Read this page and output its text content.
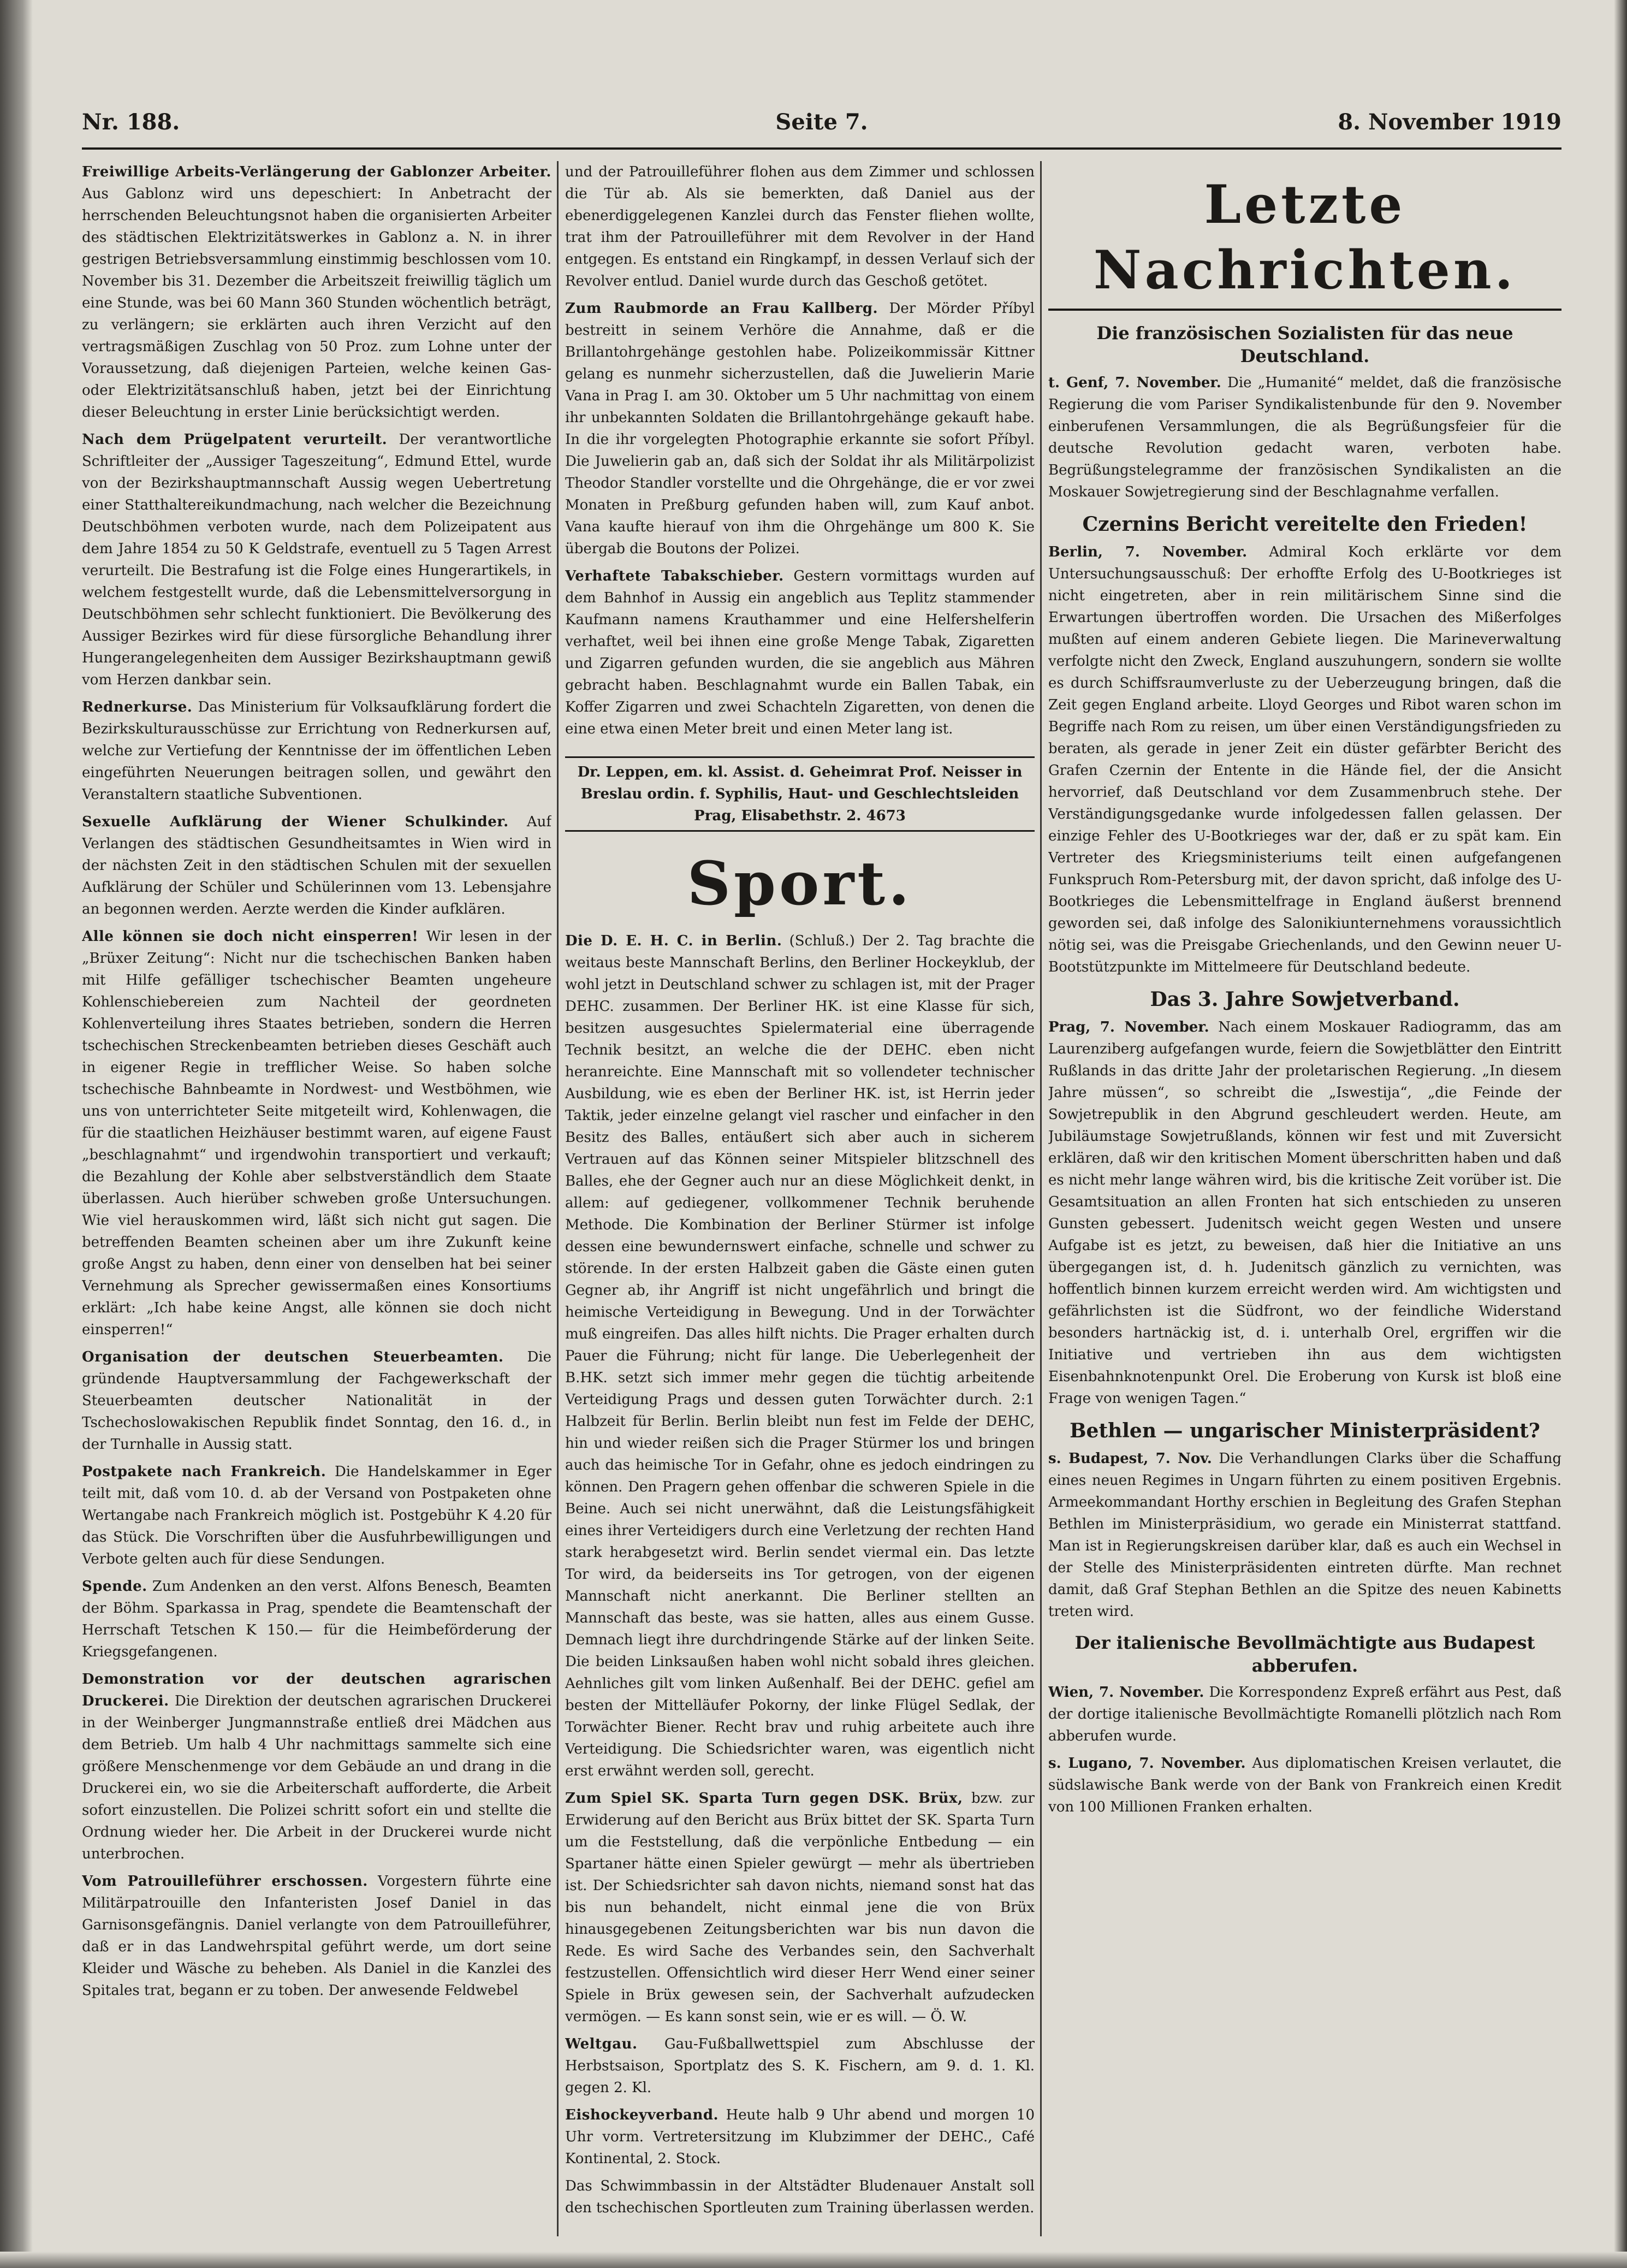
Nr. 188.	Seite 7.	8. November 1919
Freiwillige Arbeits-Verlängerung der Gablonzer Arbeiter. Aus Gablonz wird uns depeschiert: In Anbetracht der herrschenden Beleuchtungsnot haben die organisierten Arbeiter des städtischen Elektrizitätswerkes in Gablonz a. N. in ihrer gestrigen Betriebsversammlung einstimmig beschlossen vom 10. November bis 31. Dezember die Arbeitszeit freiwillig täglich um eine Stunde, was bei 60 Mann 360 Stunden wöchentlich beträgt, zu verlängern; sie erklärten auch ihren Verzicht auf den vertragsmäßigen Zuschlag von 50 Proz. zum Lohne unter der Voraussetzung, daß diejenigen Parteien, welche keinen Gas- oder Elektrizitätsanschluß haben, jetzt bei der Einrichtung dieser Beleuchtung in erster Linie berücksichtigt werden.
Nach dem Prügelpatent verurteilt. Der verantwortliche Schriftleiter der „Aussiger Tageszeitung“, Edmund Ettel, wurde von der Bezirkshauptmannschaft Aussig wegen Uebertretung einer Statthaltereikundmachung, nach welcher die Bezeichnung Deutschböhmen verboten wurde, nach dem Polizeipatent aus dem Jahre 1854 zu 50 K Geldstrafe, eventuell zu 5 Tagen Arrest verurteilt. Die Bestrafung ist die Folge eines Hungerartikels, in welchem festgestellt wurde, daß die Lebensmittelversorgung in Deutschböhmen sehr schlecht funktioniert. Die Bevölkerung des Aussiger Bezirkes wird für diese fürsorgliche Behandlung ihrer Hungerangelegenheiten dem Aussiger Bezirkshauptmann gewiß vom Herzen dankbar sein.
Rednerkurse. Das Ministerium für Volksaufklärung fordert die Bezirkskulturausschüsse zur Errichtung von Rednerkursen auf, welche zur Vertiefung der Kenntnisse der im öffentlichen Leben eingeführten Neuerungen beitragen sollen, und gewährt den Veranstaltern staatliche Subventionen.
Sexuelle Aufklärung der Wiener Schulkinder. Auf Verlangen des städtischen Gesundheitsamtes in Wien wird in der nächsten Zeit in den städtischen Schulen mit der sexuellen Aufklärung der Schüler und Schülerinnen vom 13. Lebensjahre an begonnen werden. Aerzte werden die Kinder aufklären.
Alle können sie doch nicht einsperren! Wir lesen in der „Brüxer Zeitung“: Nicht nur die tschechischen Banken haben mit Hilfe gefälliger tschechischer Beamten ungeheure Kohlenschiebereien zum Nachteil der geordneten Kohlenverteilung ihres Staates betrieben, sondern die Herren tschechischen Streckenbeamten betrieben dieses Geschäft auch in eigener Regie in trefflicher Weise. So haben solche tschechische Bahnbeamte in Nordwest- und Westböhmen, wie uns von unterrichteter Seite mitgeteilt wird, Kohlenwagen, die für die staatlichen Heizhäuser bestimmt waren, auf eigene Faust „beschlagnahmt“ und irgendwohin transportiert und verkauft; die Bezahlung der Kohle aber selbstverständlich dem Staate überlassen. Auch hierüber schweben große Untersuchungen. Wie viel herauskommen wird, läßt sich nicht gut sagen. Die betreffenden Beamten scheinen aber um ihre Zukunft keine große Angst zu haben, denn einer von denselben hat bei seiner Vernehmung als Sprecher gewissermaßen eines Konsortiums erklärt: „Ich habe keine Angst, alle können sie doch nicht einsperren!“
Organisation der deutschen Steuerbeamten. Die gründende Hauptversammlung der Fachgewerkschaft der Steuerbeamten deutscher Nationalität in der Tschechoslowakischen Republik findet Sonntag, den 16. d., in der Turnhalle in Aussig statt.
Postpakete nach Frankreich. Die Handelskammer in Eger teilt mit, daß vom 10. d. ab der Versand von Postpaketen ohne Wertangabe nach Frankreich möglich ist. Postgebühr K 4.20 für das Stück. Die Vorschriften über die Ausfuhrbewilligungen und Verbote gelten auch für diese Sendungen.
Spende. Zum Andenken an den verst. Alfons Benesch, Beamten der Böhm. Sparkassa in Prag, spendete die Beamtenschaft der Herrschaft Tetschen K 150.— für die Heimbeförderung der Kriegsgefangenen.
Demonstration vor der deutschen agrarischen Druckerei. Die Direktion der deutschen agrarischen Druckerei in der Weinberger Jungmannstraße entließ drei Mädchen aus dem Betrieb. Um halb 4 Uhr nachmittags sammelte sich eine größere Menschenmenge vor dem Gebäude an und drang in die Druckerei ein, wo sie die Arbeiterschaft aufforderte, die Arbeit sofort einzustellen. Die Polizei schritt sofort ein und stellte die Ordnung wieder her. Die Arbeit in der Druckerei wurde nicht unterbrochen.
Vom Patrouilleführer erschossen. Vorgestern führte eine Militärpatrouille den Infanteristen Josef Daniel in das Garnisonsgefängnis. Daniel verlangte von dem Patrouilleführer, daß er in das Landwehrspital geführt werde, um dort seine Kleider und Wäsche zu beheben. Als Daniel in die Kanzlei des Spitales trat, begann er zu toben. Der anwesende Feldwebel
und der Patrouilleführer flohen aus dem Zimmer und schlossen die Tür ab. Als sie bemerkten, daß Daniel aus der ebenerdiggelegenen Kanzlei durch das Fenster fliehen wollte, trat ihm der Patrouilleführer mit dem Revolver in der Hand entgegen. Es entstand ein Ringkampf, in dessen Verlauf sich der Revolver entlud. Daniel wurde durch das Geschoß getötet.
Zum Raubmorde an Frau Kallberg. Der Mörder Příbyl bestreitt in seinem Verhöre die Annahme, daß er die Brillantohrgehänge gestohlen habe. Polizeikommissär Kittner gelang es nunmehr sicherzustellen, daß die Juwelierin Marie Vana in Prag I. am 30. Oktober um 5 Uhr nachmittag von einem ihr unbekannten Soldaten die Brillantohrgehänge gekauft habe. In die ihr vorgelegten Photographie erkannte sie sofort Příbyl. Die Juwelierin gab an, daß sich der Soldat ihr als Militärpolizist Theodor Standler vorstellte und die Ohrgehänge, die er vor zwei Monaten in Preßburg gefunden haben will, zum Kauf anbot. Vana kaufte hierauf von ihm die Ohrgehänge um 800 K. Sie übergab die Boutons der Polizei.
Verhaftete Tabakschieber. Gestern vormittags wurden auf dem Bahnhof in Aussig ein angeblich aus Teplitz stammender Kaufmann namens Krauthammer und eine Helfershelferin verhaftet, weil bei ihnen eine große Menge Tabak, Zigaretten und Zigarren gefunden wurden, die sie angeblich aus Mähren gebracht haben. Beschlagnahmt wurde ein Ballen Tabak, ein Koffer Zigarren und zwei Schachteln Zigaretten, von denen die eine etwa einen Meter breit und einen Meter lang ist.
Dr. Leppen, em. kl. Assist. d. Geheimrat Prof. Neisser in Breslau ordin. f. Syphilis, Haut- und Geschlechtsleiden Prag, Elisabethstr. 2. 4673
Sport.
Die D. E. H. C. in Berlin. (Schluß.) Der 2. Tag brachte die weitaus beste Mannschaft Berlins, den Berliner Hockeyklub, der wohl jetzt in Deutschland schwer zu schlagen ist, mit der Prager DEHC. zusammen. Der Berliner HK. ist eine Klasse für sich, besitzen ausgesuchtes Spielermaterial eine überragende Technik besitzt, an welche die der DEHC. eben nicht heranreichte. Eine Mannschaft mit so vollendeter technischer Ausbildung, wie es eben der Berliner HK. ist, ist Herrin jeder Taktik, jeder einzelne gelangt viel rascher und einfacher in den Besitz des Balles, entäußert sich aber auch in sicherem Vertrauen auf das Können seiner Mitspieler blitzschnell des Balles, ehe der Gegner auch nur an diese Möglichkeit denkt, in allem: auf gediegener, vollkommener Technik beruhende Methode. Die Kombination der Berliner Stürmer ist infolge dessen eine bewundernswert einfache, schnelle und schwer zu störende. In der ersten Halbzeit gaben die Gäste einen guten Gegner ab, ihr Angriff ist nicht ungefährlich und bringt die heimische Verteidigung in Bewegung. Und in der Torwächter muß eingreifen. Das alles hilft nichts. Die Prager erhalten durch Pauer die Führung; nicht für lange. Die Ueberlegenheit der B.HK. setzt sich immer mehr gegen die tüchtig arbeitende Verteidigung Prags und dessen guten Torwächter durch. 2:1 Halbzeit für Berlin. Berlin bleibt nun fest im Felde der DEHC, hin und wieder reißen sich die Prager Stürmer los und bringen auch das heimische Tor in Gefahr, ohne es jedoch eindringen zu können. Den Pragern gehen offenbar die schweren Spiele in die Beine. Auch sei nicht unerwähnt, daß die Leistungsfähigkeit eines ihrer Verteidigers durch eine Verletzung der rechten Hand stark herabgesetzt wird. Berlin sendet viermal ein. Das letzte Tor wird, da beiderseits ins Tor getrogen, von der eigenen Mannschaft nicht anerkannt. Die Berliner stellten an Mannschaft das beste, was sie hatten, alles aus einem Gusse. Demnach liegt ihre durchdringende Stärke auf der linken Seite. Die beiden Linksaußen haben wohl nicht sobald ihres gleichen. Aehnliches gilt vom linken Außenhalf. Bei der DEHC. gefiel am besten der Mittelläufer Pokorny, der linke Flügel Sedlak, der Torwächter Biener. Recht brav und ruhig arbeitete auch ihre Verteidigung. Die Schiedsrichter waren, was eigentlich nicht erst erwähnt werden soll, gerecht.
Zum Spiel SK. Sparta Turn gegen DSK. Brüx, bzw. zur Erwiderung auf den Bericht aus Brüx bittet der SK. Sparta Turn um die Feststellung, daß die verpönliche Entbedung — ein Spartaner hätte einen Spieler gewürgt — mehr als übertrieben ist. Der Schiedsrichter sah davon nichts, niemand sonst hat das bis nun behandelt, nicht einmal jene die von Brüx hinausgegebenen Zeitungsberichten war bis nun davon die Rede. Es wird Sache des Verbandes sein, den Sachverhalt festzustellen. Offensichtlich wird dieser Herr Wend einer seiner Spiele in Brüx gewesen sein, der Sachverhalt aufzudecken vermögen. — Es kann sonst sein, wie er es will. — Ö. W.
Weltgau. Gau-Fußballwettspiel zum Abschlusse der Herbstsaison, Sportplatz des S. K. Fischern, am 9. d. 1. Kl. gegen 2. Kl.
Eishockeyverband. Heute halb 9 Uhr abend und morgen 10 Uhr vorm. Vertretersitzung im Klubzimmer der DEHC., Café Kontinental, 2. Stock.
Das Schwimmbassin in der Altstädter Bludenauer Anstalt soll den tschechischen Sportleuten zum Training überlassen werden.
Letzte Nachrichten.
Die französischen Sozialisten für das neue Deutschland.
t. Genf, 7. November. Die „Humanité“ meldet, daß die französische Regierung die vom Pariser Syndikalistenbunde für den 9. November einberufenen Versammlungen, die als Begrüßungsfeier für die deutsche Revolution gedacht waren, verboten habe. Begrüßungstelegramme der französischen Syndikalisten an die Moskauer Sowjetregierung sind der Beschlagnahme verfallen.
Czernins Bericht vereitelte den Frieden!
Berlin, 7. November. Admiral Koch erklärte vor dem Untersuchungsausschuß: Der erhoffte Erfolg des U-Bootkrieges ist nicht eingetreten, aber in rein militärischem Sinne sind die Erwartungen übertroffen worden. Die Ursachen des Mißerfolges mußten auf einem anderen Gebiete liegen. Die Marineverwaltung verfolgte nicht den Zweck, England auszuhungern, sondern sie wollte es durch Schiffsraumverluste zu der Ueberzeugung bringen, daß die Zeit gegen England arbeite. Lloyd Georges und Ribot waren schon im Begriffe nach Rom zu reisen, um über einen Verständigungsfrieden zu beraten, als gerade in jener Zeit ein düster gefärbter Bericht des Grafen Czernin der Entente in die Hände fiel, der die Ansicht hervorrief, daß Deutschland vor dem Zusammenbruch stehe. Der Verständigungsgedanke wurde infolgedessen fallen gelassen. Der einzige Fehler des U-Bootkrieges war der, daß er zu spät kam. Ein Vertreter des Kriegsministeriums teilt einen aufgefangenen Funkspruch Rom-Petersburg mit, der davon spricht, daß infolge des U-Bootkrieges die Lebensmittelfrage in England äußerst brennend geworden sei, daß infolge des Salonikiunternehmens voraussichtlich nötig sei, was die Preisgabe Griechenlands, und den Gewinn neuer U-Bootstützpunkte im Mittelmeere für Deutschland bedeute.
Das 3. Jahre Sowjetverband.
Prag, 7. November. Nach einem Moskauer Radiogramm, das am Laurenziberg aufgefangen wurde, feiern die Sowjetblätter den Eintritt Rußlands in das dritte Jahr der proletarischen Regierung. „In diesem Jahre müssen“, so schreibt die „Iswestija“, „die Feinde der Sowjetrepublik in den Abgrund geschleudert werden. Heute, am Jubiläumstage Sowjetrußlands, können wir fest und mit Zuversicht erklären, daß wir den kritischen Moment überschritten haben und daß es nicht mehr lange währen wird, bis die kritische Zeit vorüber ist. Die Gesamtsituation an allen Fronten hat sich entschieden zu unseren Gunsten gebessert. Judenitsch weicht gegen Westen und unsere Aufgabe ist es jetzt, zu beweisen, daß hier die Initiative an uns übergegangen ist, d. h. Judenitsch gänzlich zu vernichten, was hoffentlich binnen kurzem erreicht werden wird. Am wichtigsten und gefährlichsten ist die Südfront, wo der feindliche Widerstand besonders hartnäckig ist, d. i. unterhalb Orel, ergriffen wir die Initiative und vertrieben ihn aus dem wichtigsten Eisenbahnknotenpunkt Orel. Die Eroberung von Kursk ist bloß eine Frage von wenigen Tagen.“
Bethlen — ungarischer Ministerpräsident?
s. Budapest, 7. Nov. Die Verhandlungen Clarks über die Schaffung eines neuen Regimes in Ungarn führten zu einem positiven Ergebnis. Armeekommandant Horthy erschien in Begleitung des Grafen Stephan Bethlen im Ministerpräsidium, wo gerade ein Ministerrat stattfand. Man ist in Regierungskreisen darüber klar, daß es auch ein Wechsel in der Stelle des Ministerpräsidenten eintreten dürfte. Man rechnet damit, daß Graf Stephan Bethlen an die Spitze des neuen Kabinetts treten wird.
Der italienische Bevollmächtigte aus Budapest abberufen.
Wien, 7. November. Die Korrespondenz Expreß erfährt aus Pest, daß der dortige italienische Bevollmächtigte Romanelli plötzlich nach Rom abberufen wurde.
s. Lugano, 7. November. Aus diplomatischen Kreisen verlautet, die südslawische Bank werde von der Bank von Frankreich einen Kredit von 100 Millionen Franken erhalten.
